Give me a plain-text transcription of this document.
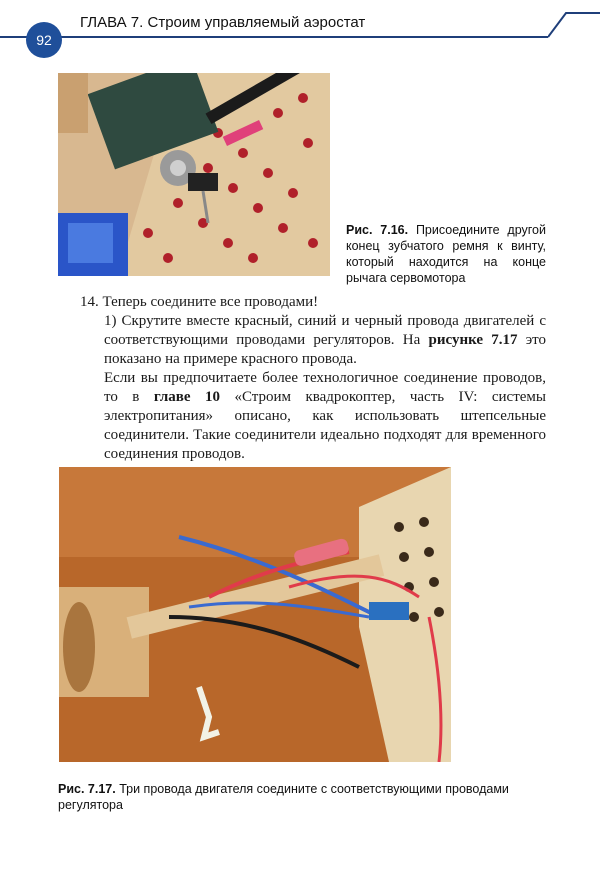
92
ГЛАВА 7. Строим управляемый аэростат
Рис. 7.16. Присоедините другой конец зубчатого ремня к винту, который находится на конце рычага сервомотора
14. Теперь соедините все проводами!
1) Скрутите вместе красный, синий и черный провода двигателей с соответствующими проводами регуляторов. На рисунке 7.17 это показано на примере красного провода.
Если вы предпочитаете более технологичное соединение проводов, то в главе 10 «Строим квадрокоптер, часть IV: системы электропитания» описано, как использовать штепсельные соединители. Такие соединители идеально подходят для временного соединения проводов.
Рис. 7.17. Три провода двигателя соедините с соответствующими проводами регулятора
